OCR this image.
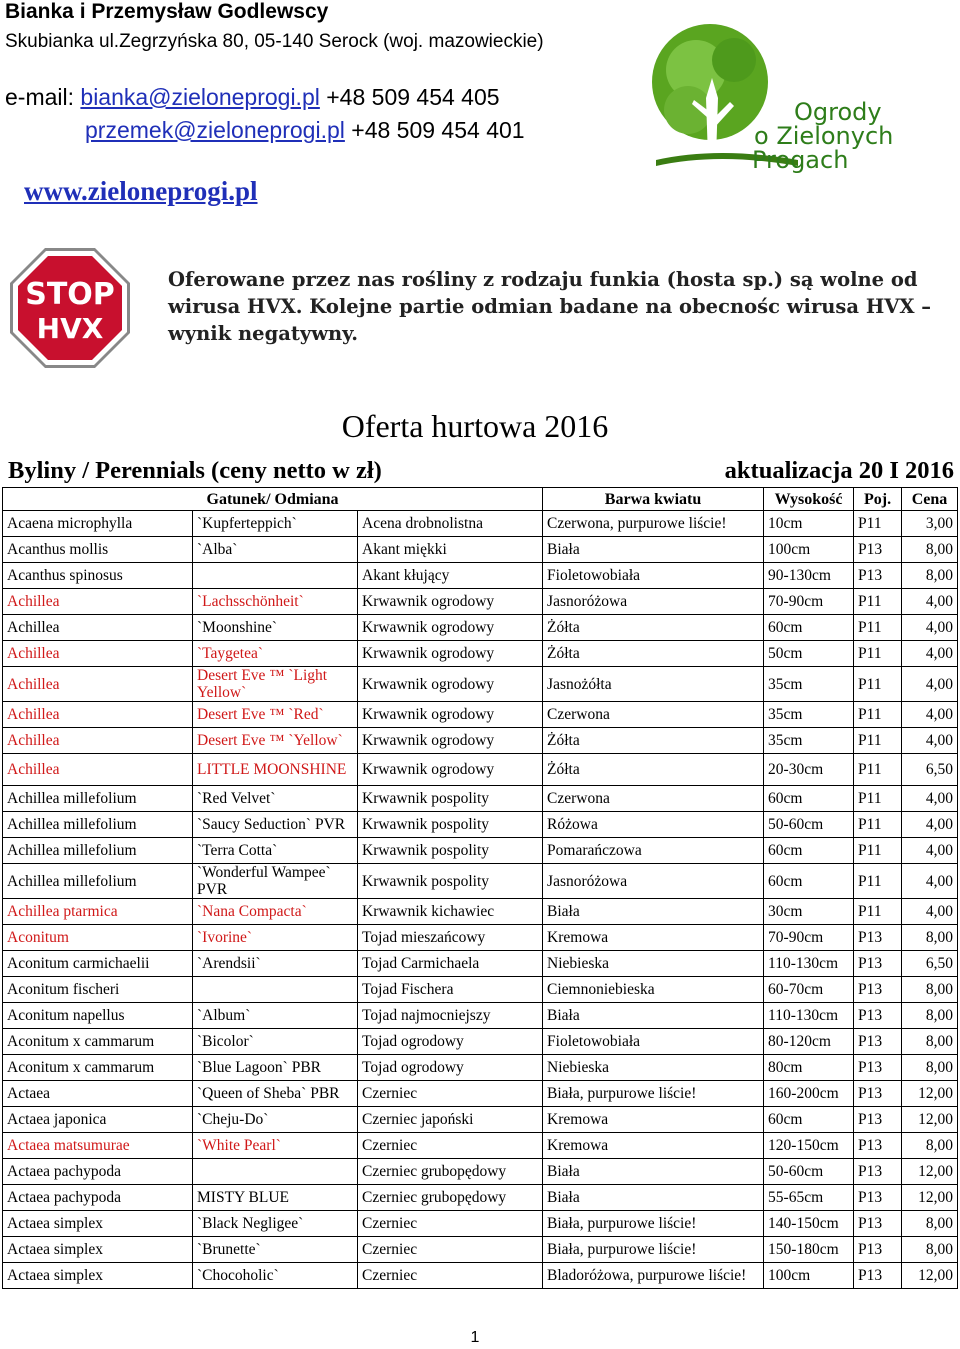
Bianka i Przemysław Godlewscy
Skubianka ul.Zegrzyńska 80, 05-140 Serock (woj. mazowieckie)
e-mail: bianka@zieloneprogi.pl +48 509 454 405
przemek@zieloneprogi.pl +48 509 454 401
www.zieloneprogi.pl
Ogrody
o Zielonych
Progach
STOP
HVX
Oferowane przez nas rośliny z rodzaju funkia (hosta sp.) są wolne od wirusa HVX. Kolejne partie odmian badane na obecnośc wirusa HVX – wynik negatywny.
Oferta hurtowa 2016
Byliny / Perennials (ceny netto w zł)	aktualizacja 20 I 2016
Gatunek/ Odmiana			Barwa kwiatu	Wysokość	Poj.	Cena
Acaena microphylla	`Kupferteppich`	Acena drobnolistna	Czerwona, purpurowe liście!	10cm	P11	3,00
Acanthus mollis	`Alba`	Akant miękki	Biała	100cm	P13	8,00
Acanthus spinosus		Akant kłujący	Fioletowobiała	90-130cm	P13	8,00
Achillea	`Lachsschönheit`	Krwawnik ogrodowy	Jasnoróżowa	70-90cm	P11	4,00
Achillea	`Moonshine`	Krwawnik ogrodowy	Żółta	60cm	P11	4,00
Achillea	`Taygetea`	Krwawnik ogrodowy	Żółta	50cm	P11	4,00
Achillea	Desert Eve ™ `Light Yellow`	Krwawnik ogrodowy	Jasnożółta	35cm	P11	4,00
Achillea	Desert Eve ™ `Red`	Krwawnik ogrodowy	Czerwona	35cm	P11	4,00
Achillea	Desert Eve ™ `Yellow`	Krwawnik ogrodowy	Żółta	35cm	P11	4,00
Achillea	LITTLE MOONSHINE	Krwawnik ogrodowy	Żółta	20-30cm	P11	6,50
Achillea millefolium	`Red Velvet`	Krwawnik pospolity	Czerwona	60cm	P11	4,00
Achillea millefolium	`Saucy Seduction` PVR	Krwawnik pospolity	Różowa	50-60cm	P11	4,00
Achillea millefolium	`Terra Cotta`	Krwawnik pospolity	Pomarańczowa	60cm	P11	4,00
Achillea millefolium	`Wonderful Wampee` PVR	Krwawnik pospolity	Jasnoróżowa	60cm	P11	4,00
Achillea ptarmica	`Nana Compacta`	Krwawnik kichawiec	Biała	30cm	P11	4,00
Aconitum	`Ivorine`	Tojad mieszańcowy	Kremowa	70-90cm	P13	8,00
Aconitum carmichaelii	`Arendsii`	Tojad Carmichaela	Niebieska	110-130cm	P13	6,50
Aconitum fischeri		Tojad Fischera	Ciemnoniebieska	60-70cm	P13	8,00
Aconitum napellus	`Album`	Tojad najmocniejszy	Biała	110-130cm	P13	8,00
Aconitum x cammarum	`Bicolor`	Tojad ogrodowy	Fioletowobiała	80-120cm	P13	8,00
Aconitum x cammarum	`Blue Lagoon` PBR	Tojad ogrodowy	Niebieska	80cm	P13	8,00
Actaea	`Queen of Sheba` PBR	Czerniec	Biała, purpurowe liście!	160-200cm	P13	12,00
Actaea japonica	`Cheju-Do`	Czerniec japoński	Kremowa	60cm	P13	12,00
Actaea matsumurae	`White Pearl`	Czerniec	Kremowa	120-150cm	P13	8,00
Actaea pachypoda		Czerniec grubopędowy	Biała	50-60cm	P13	12,00
Actaea pachypoda	MISTY BLUE	Czerniec grubopędowy	Biała	55-65cm	P13	12,00
Actaea simplex	`Black Negligee`	Czerniec	Biała, purpurowe liście!	140-150cm	P13	8,00
Actaea simplex	`Brunette`	Czerniec	Biała, purpurowe liście!	150-180cm	P13	8,00
Actaea simplex	`Chocoholic`	Czerniec	Bladoróżowa, purpurowe liście!	100cm	P13	12,00
1
